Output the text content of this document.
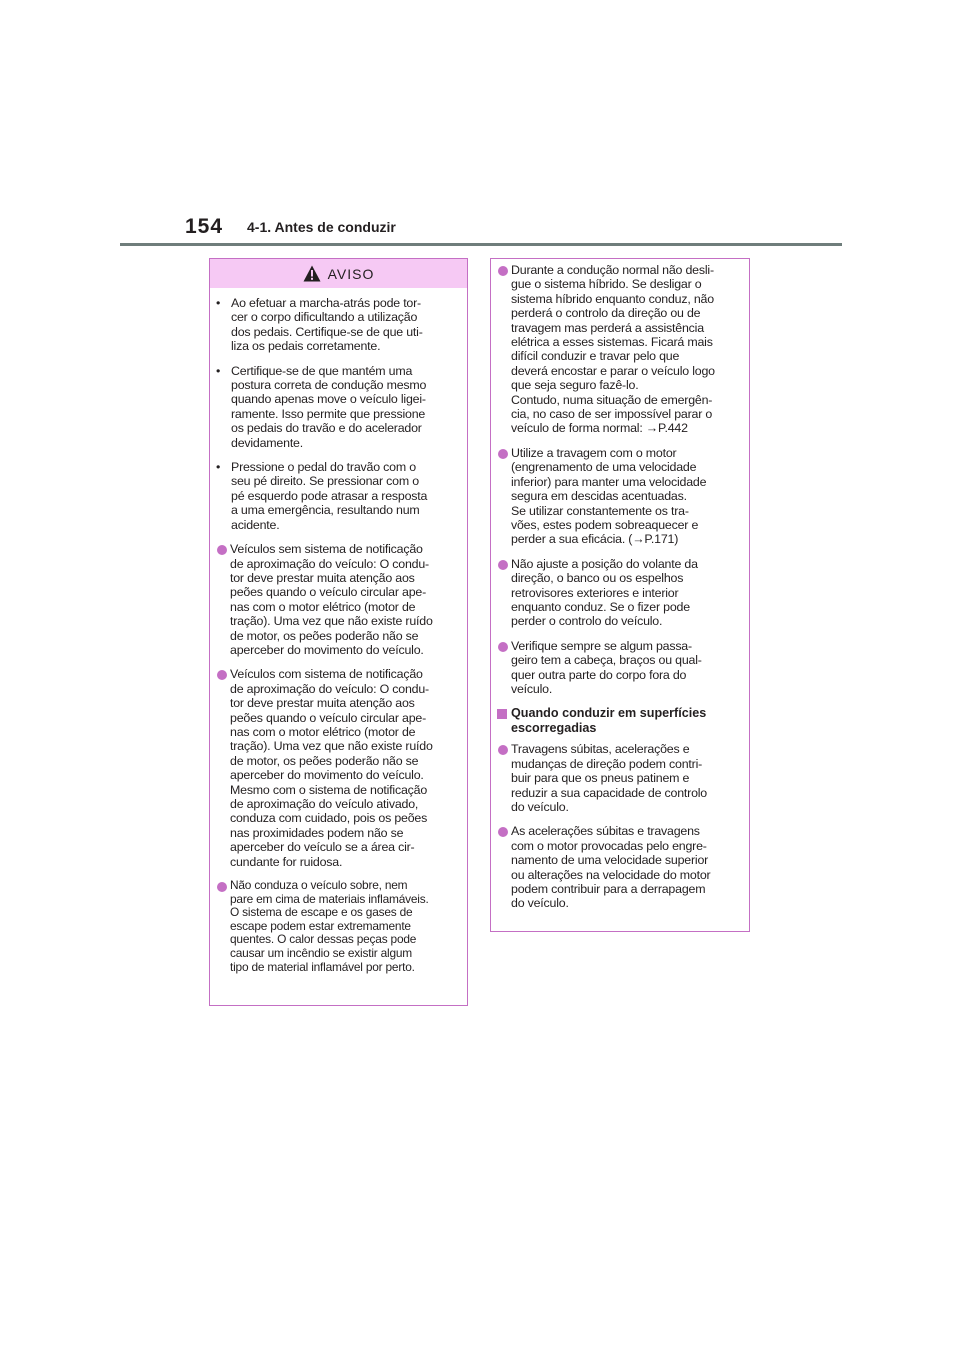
154 4-1. Antes de conduzir
AVISO
• Ao efetuar a marcha-atrás pode tor-
cer o corpo dificultando a utilização
dos pedais. Certifique-se de que uti-
liza os pedais corretamente.
• Certifique-se de que mantém uma
postura correta de condução mesmo
quando apenas move o veículo ligei-
ramente. Isso permite que pressione
os pedais do travão e do acelerador
devidamente.
• Pressione o pedal do travão com o
seu pé direito. Se pressionar com o
pé esquerdo pode atrasar a resposta
a uma emergência, resultando num
acidente.
Veículos sem sistema de notificação
de aproximação do veículo: O condu-
tor deve prestar muita atenção aos
peões quando o veículo circular ape-
nas com o motor elétrico (motor de
tração). Uma vez que não existe ruído
de motor, os peões poderão não se
aperceber do movimento do veículo.
Veículos com sistema de notificação
de aproximação do veículo: O condu-
tor deve prestar muita atenção aos
peões quando o veículo circular ape-
nas com o motor elétrico (motor de
tração). Uma vez que não existe ruído
de motor, os peões poderão não se
aperceber do movimento do veículo.
Mesmo com o sistema de notificação
de aproximação do veículo ativado,
conduza com cuidado, pois os peões
nas proximidades podem não se
aperceber do veículo se a área cir-
cundante for ruidosa.
Não conduza o veículo sobre, nem
pare em cima de materiais inflamáveis.
O sistema de escape e os gases de
escape podem estar extremamente
quentes. O calor dessas peças pode
causar um incêndio se existir algum
tipo de material inflamável por perto.
Durante a condução normal não desli-
gue o sistema híbrido. Se desligar o
sistema híbrido enquanto conduz, não
perderá o controlo da direção ou de
travagem mas perderá a assistência
elétrica a esses sistemas. Ficará mais
difícil conduzir e travar pelo que
deverá encostar e parar o veículo logo
que seja seguro fazê-lo.
Contudo, numa situação de emergên-
cia, no caso de ser impossível parar o
veículo de forma normal: →P.442
Utilize a travagem com o motor
(engrenamento de uma velocidade
inferior) para manter uma velocidade
segura em descidas acentuadas.
Se utilizar constantemente os tra-
vões, estes podem sobreaquecer e
perder a sua eficácia. (→P.171)
Não ajuste a posição do volante da
direção, o banco ou os espelhos
retrovisores exteriores e interior
enquanto conduz. Se o fizer pode
perder o controlo do veículo.
Verifique sempre se algum passa-
geiro tem a cabeça, braços ou qual-
quer outra parte do corpo fora do
veículo.
Quando conduzir em superfícies
escorregadias
Travagens súbitas, acelerações e
mudanças de direção podem contri-
buir para que os pneus patinem e
reduzir a sua capacidade de controlo
do veículo.
As acelerações súbitas e travagens
com o motor provocadas pelo engre-
namento de uma velocidade superior
ou alterações na velocidade do motor
podem contribuir para a derrapagem
do veículo.
